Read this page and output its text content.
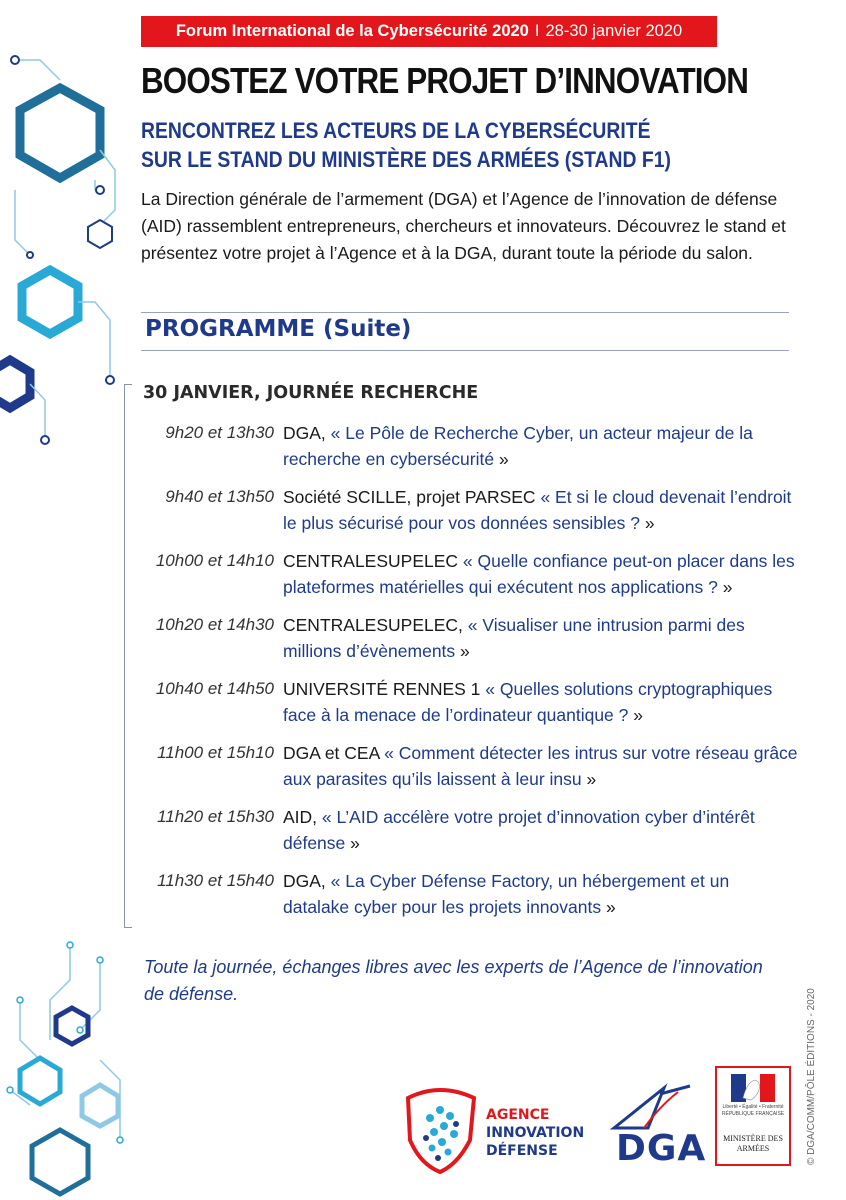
Forum International de la Cybersécurité 2020 I 28-30 janvier 2020
BOOSTEZ VOTRE PROJET D’INNOVATION
RENCONTREZ LES ACTEURS DE LA CYBERSÉCURITÉ
SUR LE STAND DU MINISTÈRE DES ARMÉES (STAND F1)
La Direction générale de l’armement (DGA) et l’Agence de l’innovation de défense (AID) rassemblent entrepreneurs, chercheurs et innovateurs. Découvrez le stand et présentez votre projet à l’Agence et à la DGA, durant toute la période du salon.
PROGRAMME (Suite)
30 JANVIER, JOURNÉE RECHERCHE
9h20 et 13h30 DGA, « Le Pôle de Recherche Cyber, un acteur majeur de la recherche en cybersécurité »
9h40 et 13h50 Société SCILLE, projet PARSEC « Et si le cloud devenait l’endroit le plus sécurisé pour vos données sensibles ? »
10h00 et 14h10 CENTRALESUPELEC « Quelle confiance peut-on placer dans les plateformes matérielles qui exécutent nos applications ? »
10h20 et 14h30 CENTRALESUPELEC, « Visualiser une intrusion parmi des millions d’évènements »
10h40 et 14h50 UNIVERSITÉ RENNES 1 « Quelles solutions cryptographiques face à la menace de l’ordinateur quantique ? »
11h00 et 15h10 DGA et CEA « Comment détecter les intrus sur votre réseau grâce aux parasites qu’ils laissent à leur insu »
11h20 et 15h30 AID, « L’AID accélère votre projet d’innovation cyber d’intérêt défense »
11h30 et 15h40 DGA, « La Cyber Défense Factory, un hébergement et un datalake cyber pour les projets innovants »
Toute la journée, échanges libres avec les experts de l’Agence de l’innovation de défense.	© DGA/COMM/PÔLE ÉDITIONS - 2020
AGENCE
INNOVATION
DÉFENSE	DGA
Liberté • Égalité • Fraternité
RÉPUBLIQUE FRANÇAISE
MINISTÈRE DES ARMÉES
